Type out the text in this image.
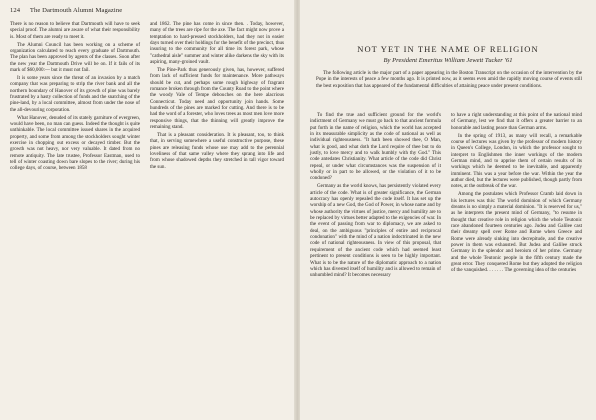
124 The Dartmouth Alumni Magazine

There is no reason to believe that Dartmouth will have to seek special proof. The alumni are aware of what their responsibility is. Most of them are ready to meet it.

The Alumni Council has been working on a scheme of organization calculated to reach every graduate of Dartmouth. The plan has been approved by agents of the classes. Soon after the new year the Dartmouth Drive will be on. If it fails of its mark of $60,000:— but it must not fail.

It is some years since the threat of an invasion by a match company that was preparing to strip the river bank and all the northern boundary of Hanover of its growth of pine was barely frustrated by a hasty collection of funds and the snatching of the pine-land, by a local committee, almost from under the nose of the all-devouring corporation.

What Hanover, denuded of its stately garniture of evergreen, would have been, no man can guess. Indeed the thought is quite unthinkable. The local committee issued shares in the acquired property, and some from among the stockholders sought winter exercise in chopping out excess or decayed timber. But the growth was not heavy, nor very valuable. It dated from no remote antiquity. The late trustee, Professor Eastman, used to tell of winter coasting down bare slopes to the river; during his college days, of course, between 1858

and 1862. The pine has come in since then. . Today, however, many of the trees are ripe for the axe. The fact might now prove a temptation to hard-pressed stockholders, had they not in easier days turned over their holdings for the benefit of the precinct, thus insuring to the community for all time its forest park, whose "cathedral aisle" summer and winter alike darkens the sky with its aspiring, many-groined vault.

The Pine-Park thus generously given, has, however, suffered from lack of sufficient funds for maintenance. More pathways should be cut, and perhaps some rough highway of fragrant romance broken through from the County Road to the point where the woody Vale of Tempe debouches on the here alacrious Connecticut. Today need and opportunity join hands. Some hundreds of the pines are marked for cutting. And there is to be had the word of a forester, who loves trees as most men love more responsive things, that the thinning will greatly improve the remaining stand.

That is a pleasant consideration. It is pleasant, too, to think that, in serving somewhere a useful constructive purpose, these pines are releasing funds whose use may add to the perennial loveliness of that same valley where they sprang into life and from whose shadowed depths they stretched in tall vigor toward the sun.

NOT YET IN THE NAME OF RELIGION
By President Emeritus William Jewett Tucker '61

The following article is the major part of a paper appearing in the Boston Transcript on the occasion of the intervention by the Pope in the interests of peace a few months ago. It is printed now, as it seems even amid the rapidly moving course of events still the best exposition that has appeared of the fundamental difficulties of attaining peace under present conditions.

To find the true and sufficient ground for the world's indictment of Germany we must go back to that ancient formula put forth in the name of religion, which the world has accepted in its measurable simplicity as the code of national as well as individual righteousness. "It hath been showed thee, O Man, what is good, and what doth the Lord require of thee but to do justly, to love mercy and to walk humbly with thy God." This code antedates Christianity. What article of the code did Christ repeal, or under what circumstances was the suspension of it wholly or in part to be allowed, or the violation of it to be condoned?

Germany as the world knows, has persistently violated every article of the code. What is of greater significance, the German autocracy has openly repealed the code itself. It has set up the worship of a new God, the God of Power, in whose name and by whose authority the virtues of justice, mercy and humility are to be replaced by virtues better adapted to the exigencies of war. In the event of passing from war to diplomacy, we are asked to deal, on the ambiguous "principles of entire and reciprocal condonation" with the mind of a nation indoctrinated in the new code of national righteousness. In view of this proposal, that requirement of the ancient code which had seemed least pertinent to present conditions is seen to be highly important. What is to be the nature of the diplomatic approach to a nation which has divested itself of humility and is allowed to remain of unhumbled mind? It becomes necessary

to have a right understanding at this point of the national mind of Germany, lest we find that it offers a greater barrier to an honorable and lasting peace than German arms.

In the spring of 1913, as many will recall, a remarkable course of lectures was given by the professor of modern history in Queen's College, London, in which the professor sought to interpret to Englishmen the inner workings of the modern German mind, and to apprise them of certain results of its workings which he deemed to be inevitable, and apparently imminent. This was a year before the war. Within the year the author died, but the lectures were published, though partly from notes, at the outbreak of the war.

Among the postulates which Professor Cramb laid down in his lectures was this: The world dominion of which Germany dreams is no simply a material dominion. "It is reserved for us," as he interprets the present mind of Germany, "to resume in thought that creative role in religion which the whole Teutonic race abandoned fourteen centuries ago. Judea and Galilee cast their dreamy spell over Rome and Rome when Greece and Rome were already sinking into decrepitude, and the creative power in them was exhausted. But Judea and Galilee struck Germany in the splendor and heroism of her prime. Germany and the whole Teutonic people in the fifth century made the great error. They conquered Rome but they adopted the religion of the vanquished. . . . . . . The governing idea of the centuries
